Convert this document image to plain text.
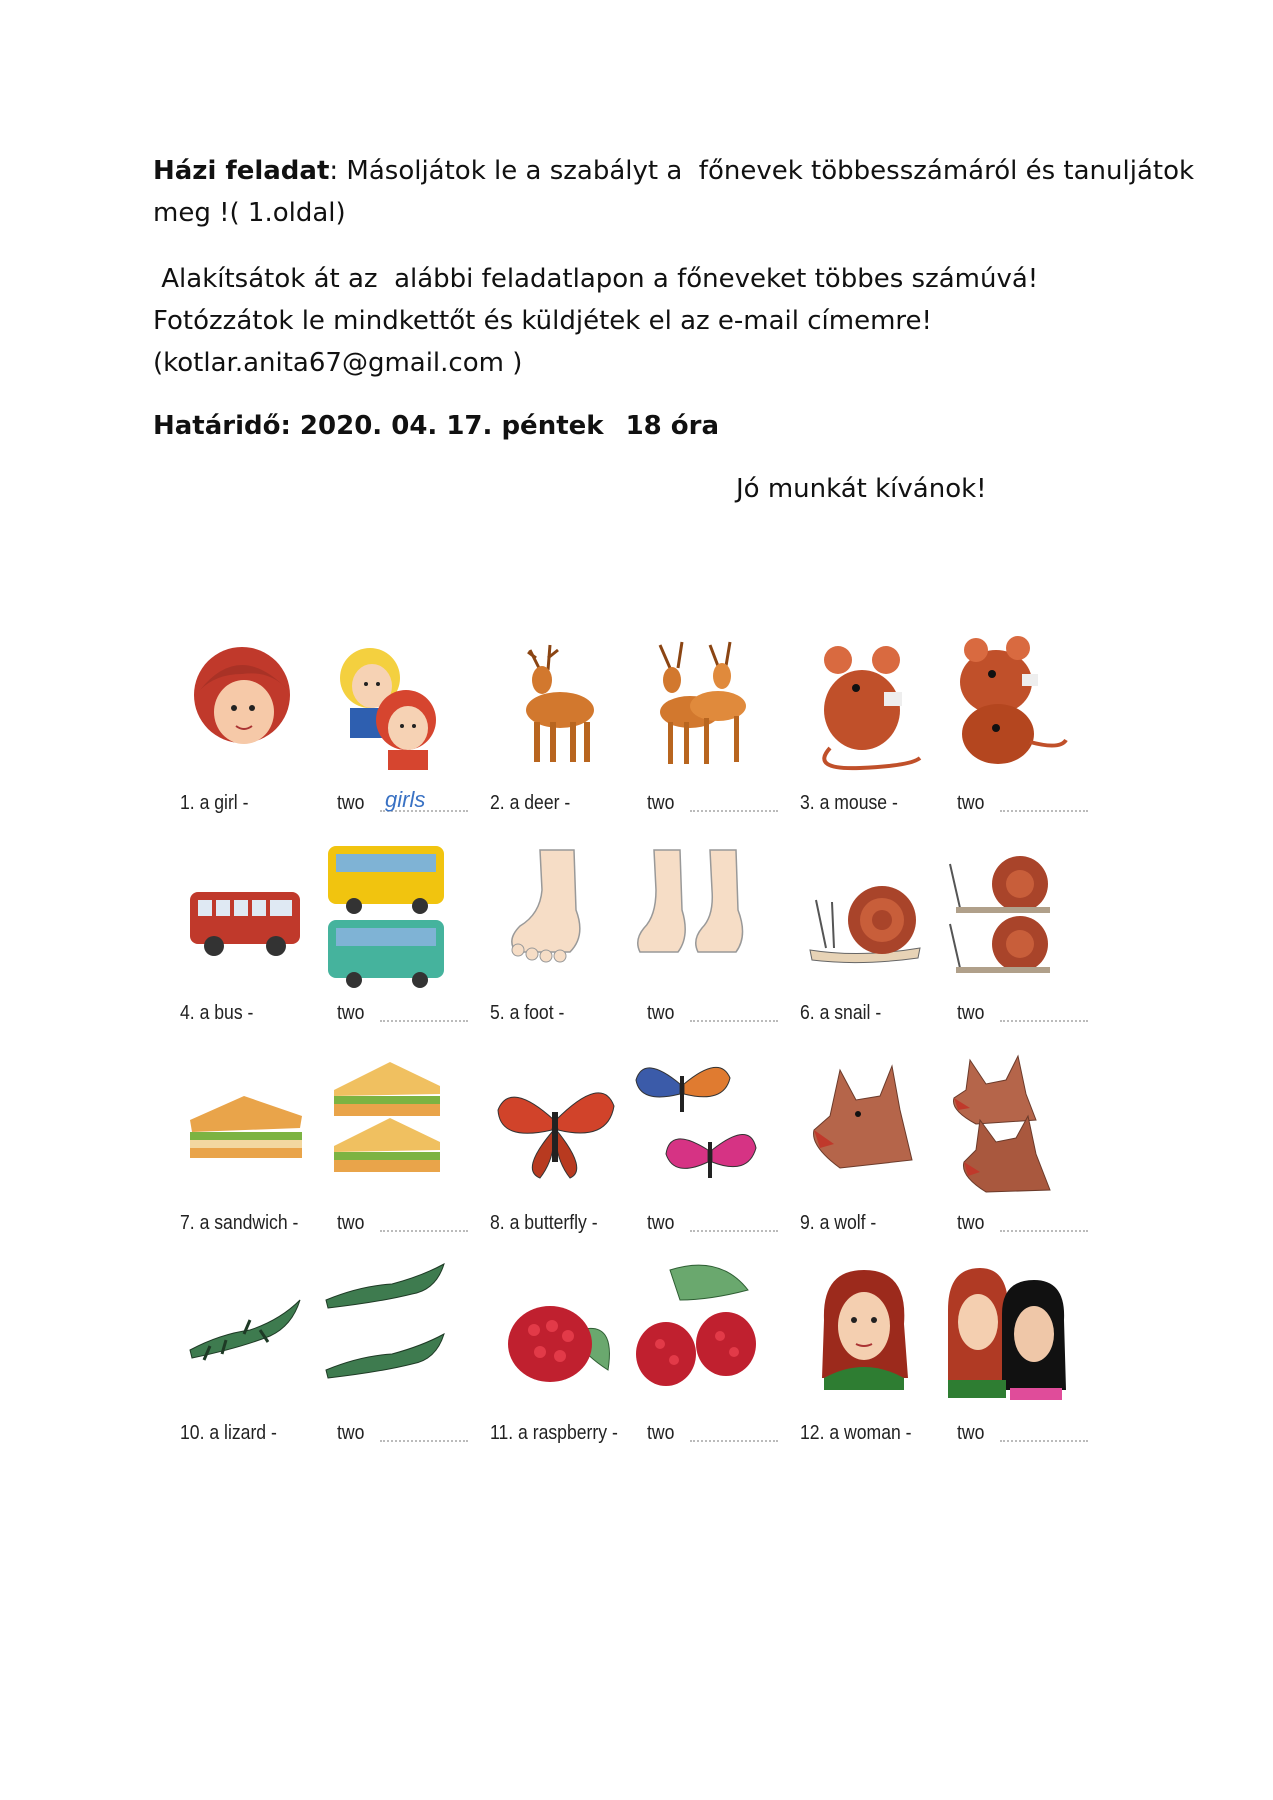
Házi feladat: Másoljátok le a szabályt a  főnevek többesszámáról és tanuljátok
meg !( 1.oldal)
Alakítsátok át az  alábbi feladatlapon a főneveket többes számúvá!
Fotózzátok le mindkettőt és küldjétek el az e-mail címemre!
(kotlar.anita67@gmail.com )
Határidő: 2020. 04. 17. péntek 18 óra
Jó munkát kívánok!
1. a girl -	two girls	2. a deer -	two	3. a mouse -	two
4. a bus -	two	5. a foot -	two	6. a snail -	two
7. a sandwich - two	8. a butterfly - two	9. a wolf -	two
10. a lizard -	two	11. a raspberry - two	12. a woman - two
